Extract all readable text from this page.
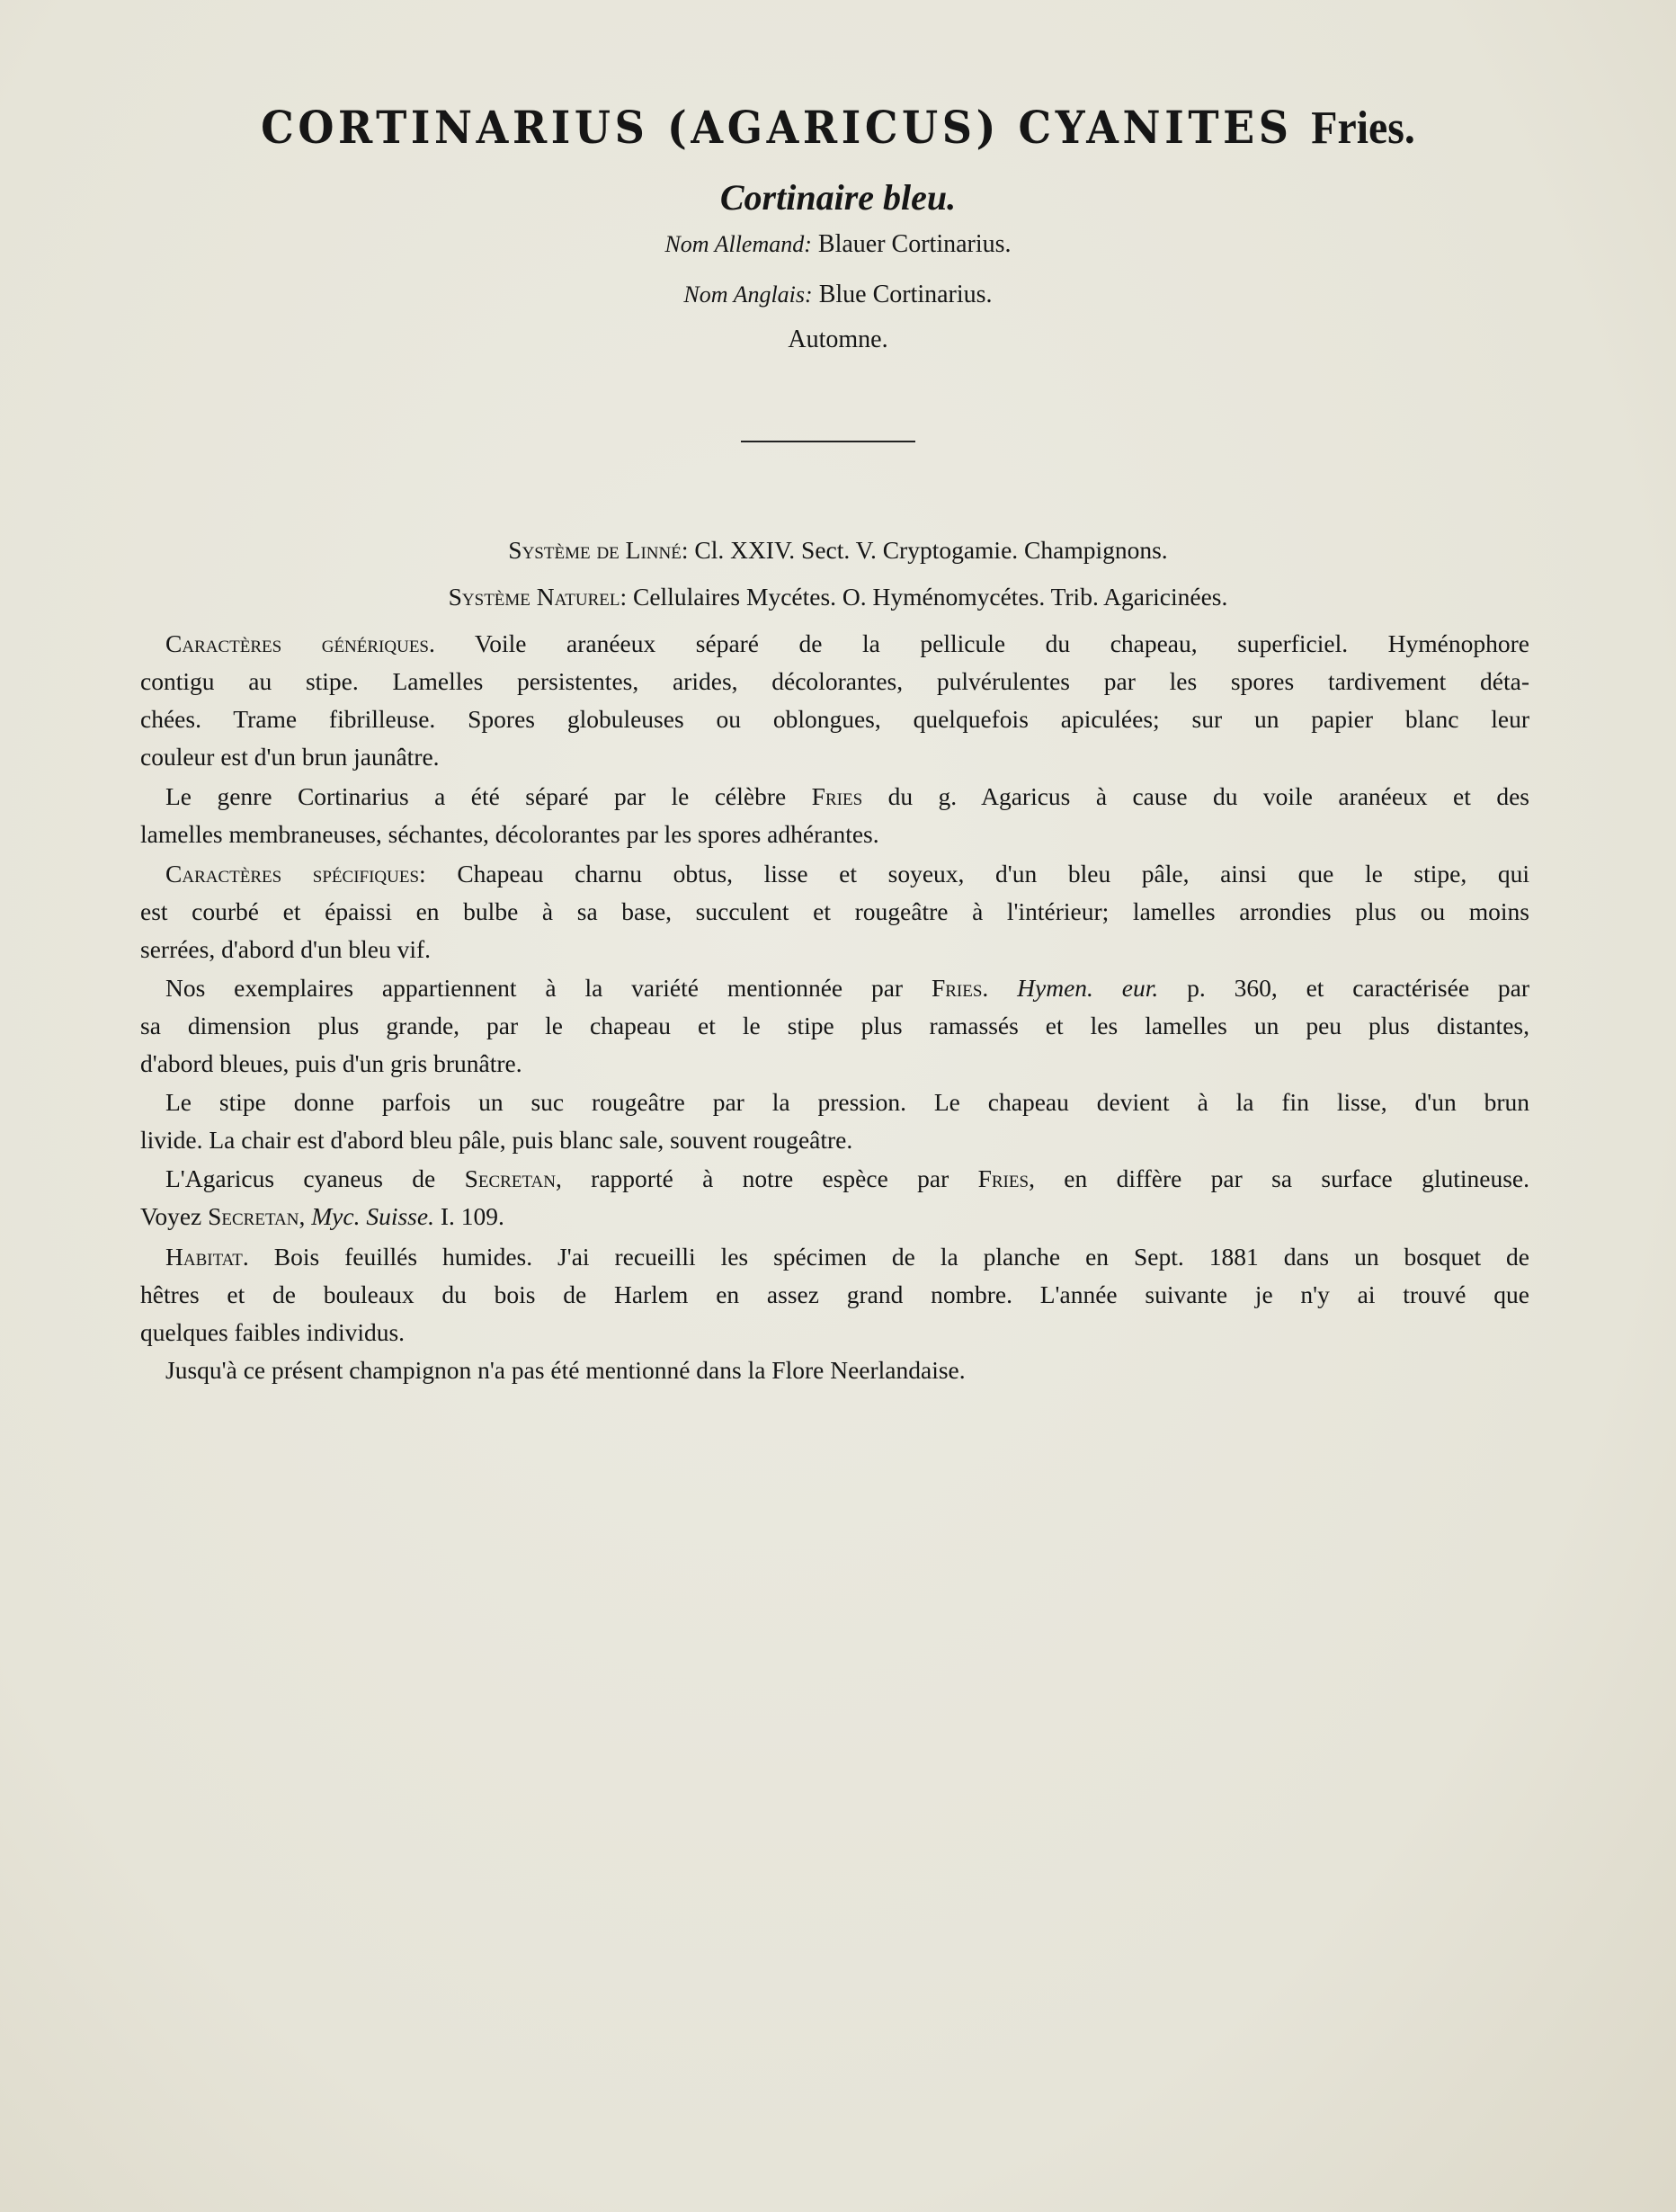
CORTINARIUS (AGARICUS) CYANITES Fries.
Cortinaire bleu.
Nom Allemand: Blauer Cortinarius.
Nom Anglais: Blue Cortinarius.
Automne.
Système de Linné: Cl. XXIV. Sect. V. Cryptogamie. Champignons.
Système Naturel: Cellulaires Mycétes. O. Hyménomycétes. Trib. Agaricinées.
Caractères génériques. Voile aranéeux séparé de la pellicule du chapeau, superficiel. Hyménophore
contigu au stipe. Lamelles persistentes, arides, décolorantes, pulvérulentes par les spores tardivement déta-
chées. Trame fibrilleuse. Spores globuleuses ou oblongues, quelquefois apiculées; sur un papier blanc leur
couleur est d'un brun jaunâtre.
Le genre Cortinarius a été séparé par le célèbre Fries du g. Agaricus à cause du voile aranéeux et des
lamelles membraneuses, séchantes, décolorantes par les spores adhérantes.
Caractères spécifiques: Chapeau charnu obtus, lisse et soyeux, d'un bleu pâle, ainsi que le stipe, qui
est courbé et épaissi en bulbe à sa base, succulent et rougeâtre à l'intérieur; lamelles arrondies plus ou moins
serrées, d'abord d'un bleu vif.
Nos exemplaires appartiennent à la variété mentionnée par Fries. Hymen. eur. p. 360, et caractérisée par
sa dimension plus grande, par le chapeau et le stipe plus ramassés et les lamelles un peu plus distantes,
d'abord bleues, puis d'un gris brunâtre.
Le stipe donne parfois un suc rougeâtre par la pression. Le chapeau devient à la fin lisse, d'un brun
livide. La chair est d'abord bleu pâle, puis blanc sale, souvent rougeâtre.
L'Agaricus cyaneus de Secretan, rapporté à notre espèce par Fries, en diffère par sa surface glutineuse.
Voyez Secretan, Myc. Suisse. I. 109.
Habitat. Bois feuillés humides. J'ai recueilli les spécimen de la planche en Sept. 1881 dans un bosquet de
hêtres et de bouleaux du bois de Harlem en assez grand nombre. L'année suivante je n'y ai trouvé que
quelques faibles individus.
Jusqu'à ce présent champignon n'a pas été mentionné dans la Flore Neerlandaise.
